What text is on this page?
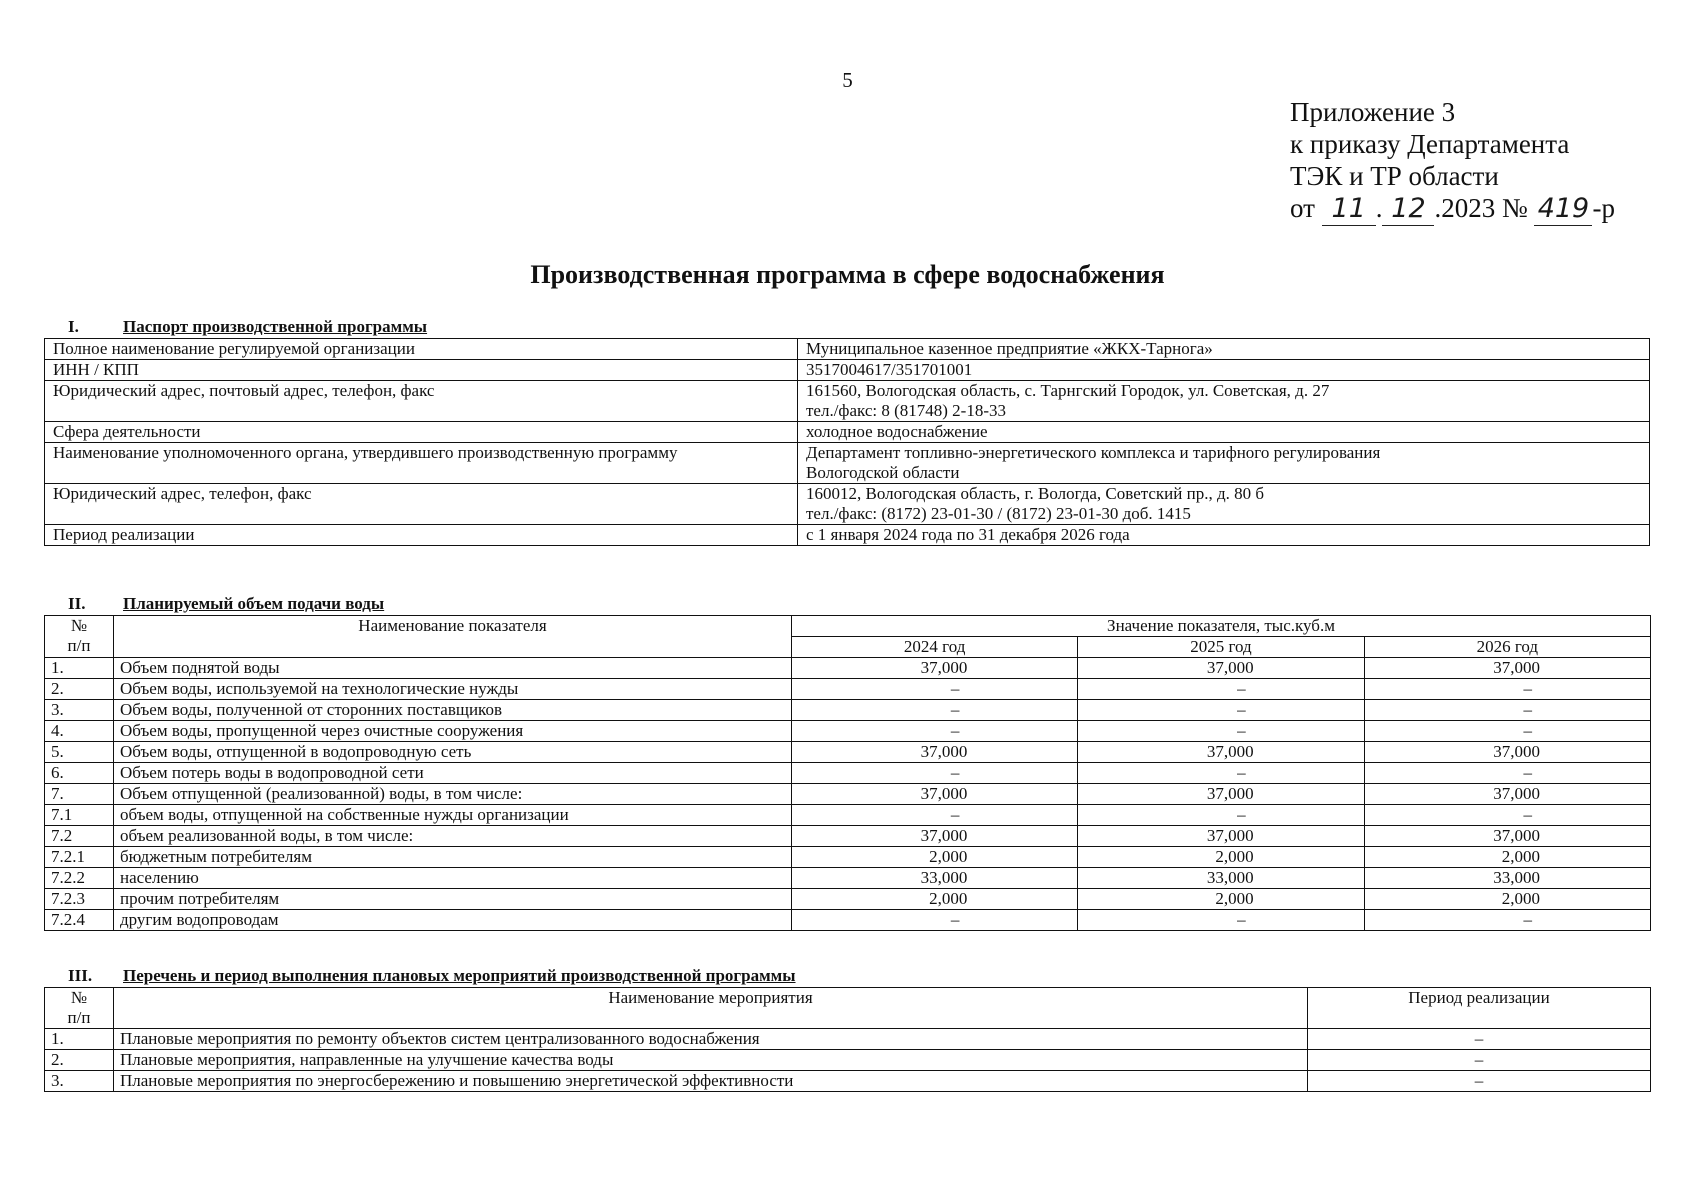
5
Приложение 3
к приказу Департамента
ТЭК и ТР области
от 11 . 12 .2023 № 419 -р
Производственная программа в сфере водоснабжения
I.	Паспорт производственной программы
Полное наименование регулируемой организации	Муниципальное казенное предприятие «ЖКХ-Тарнога»

ИНН / КПП	3517004617/351701001

Юридический адрес, почтовый адрес, телефон, факс	161560, Вологодская область, с. Тарнгский Городок, ул. Советская, д. 27
тел./факс: 8 (81748) 2-18-33

Сфера деятельности	холодное водоснабжение

Наименование уполномоченного органа, утвердившего производственную программу	Департамент топливно-энергетического комплекса и тарифного регулирования
Вологодской области

Юридический адрес, телефон, факс	160012, Вологодская область, г. Вологда, Советский пр., д. 80 б
тел./факс: (8172) 23-01-30 / (8172) 23-01-30 доб. 1415

Период реализации	с 1 января 2024 года по 31 декабря 2026 года
II. Планируемый объем подачи воды
№
п/п	Наименование показателя	Значение показателя, тыс.куб.м		
		2024 год	2025 год	2026 год
1.	Объем поднятой воды	37,000	37,000	37,000
2.	Объем воды, используемой на технологические нужды	–	–	–
3.	Объем воды, полученной от сторонних поставщиков	–	–	–
4.	Объем воды, пропущенной через очистные сооружения	–	–	–
5.	Объем воды, отпущенной в водопроводную сеть	37,000	37,000	37,000
6.	Объем потерь воды в водопроводной сети	–	–	–
7.	Объем отпущенной (реализованной) воды, в том числе:	37,000	37,000	37,000
7.1	объем воды, отпущенной на собственные нужды организации	–	–	–
7.2	объем реализованной воды, в том числе:	37,000	37,000	37,000
7.2.1	бюджетным потребителям	2,000	2,000	2,000
7.2.2	населению	33,000	33,000	33,000
7.2.3	прочим потребителям	2,000	2,000	2,000
7.2.4	другим водопроводам	–	–	–
III. Перечень и период выполнения плановых мероприятий производственной программы
№
п/п	Наименование мероприятия	Период реализации
1.	Плановые мероприятия по ремонту объектов систем централизованного водоснабжения	–
2.	Плановые мероприятия, направленные на улучшение качества воды	–
3.	Плановые мероприятия по энергосбережению и повышению энергетической эффективности	–
